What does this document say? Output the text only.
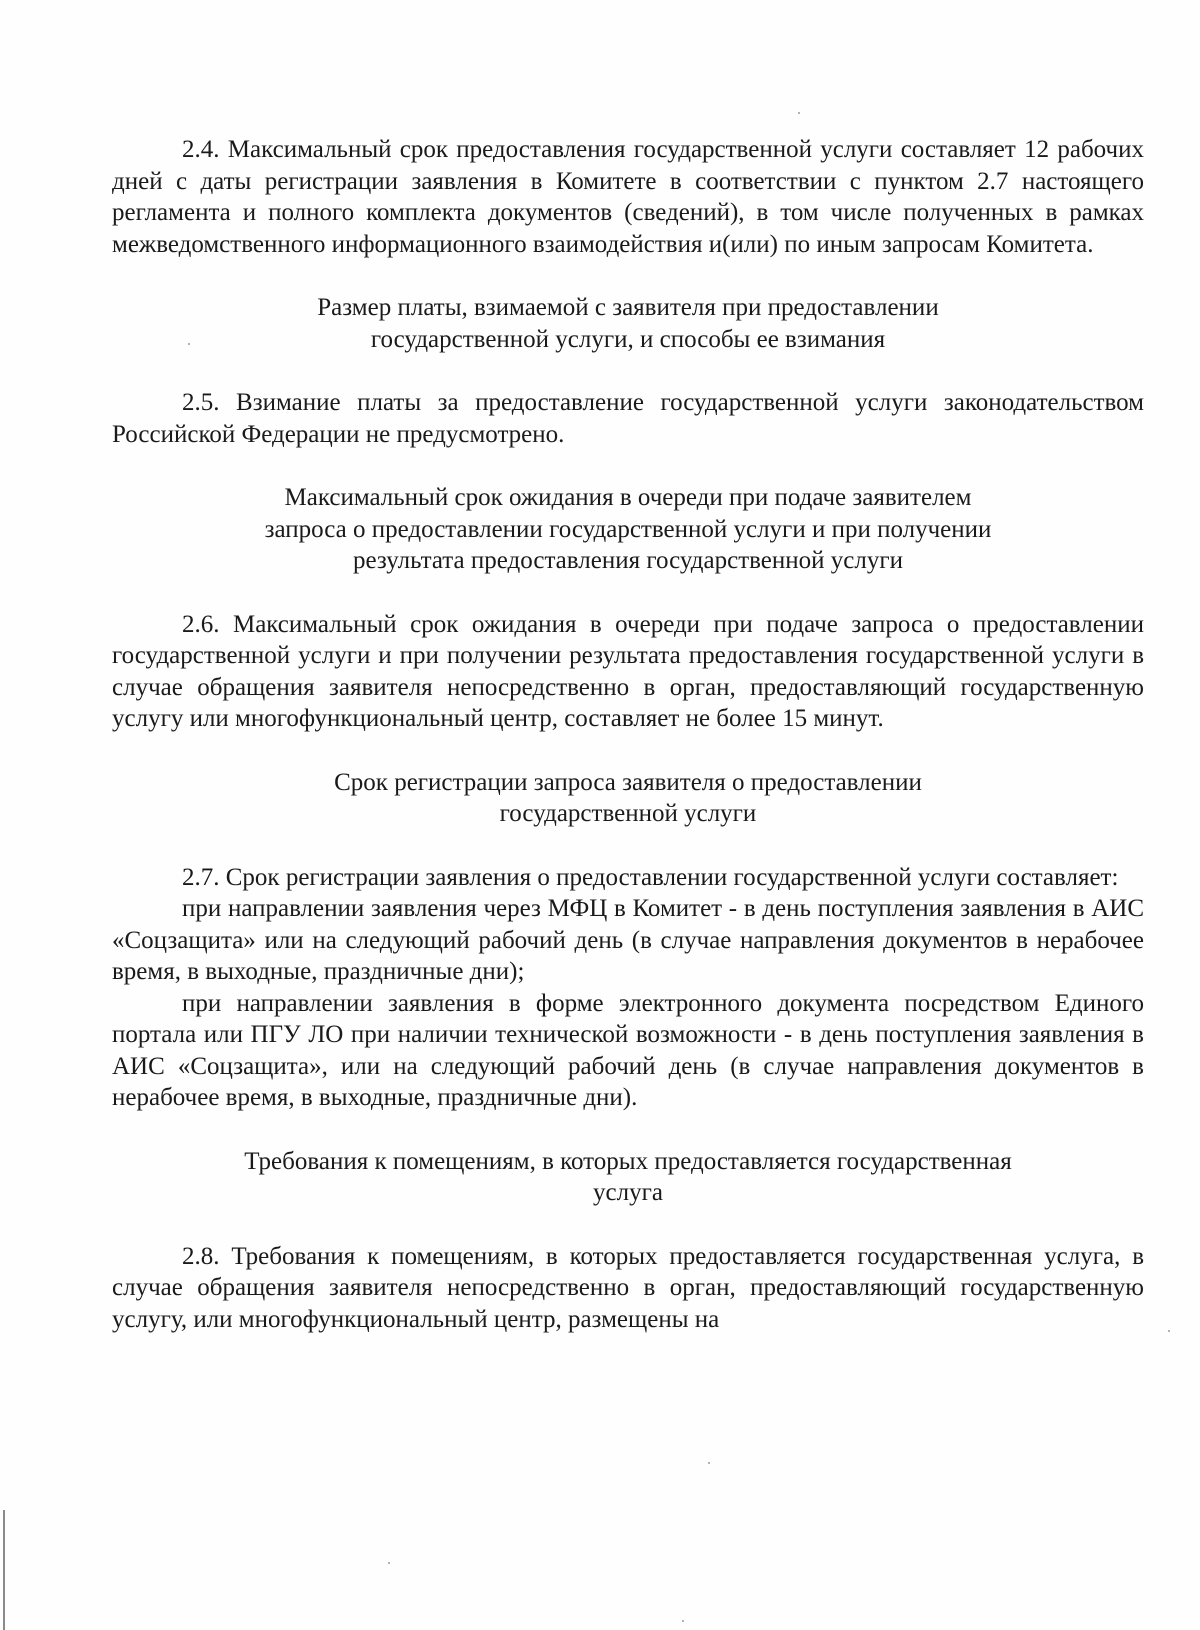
2.4. Максимальный срок предоставления государственной услуги составляет 12 рабочих дней с даты регистрации заявления в Комитете в соответствии с пунктом 2.7 настоящего регламента и полного комплекта документов (сведений), в том числе полученных в рамках межведомственного информационного взаимодействия и(или) по иным запросам Комитета.

Размер платы, взимаемой с заявителя при предоставлении государственной услуги, и способы ее взимания

2.5. Взимание платы за предоставление государственной услуги законодательством Российской Федерации не предусмотрено.

Максимальный срок ожидания в очереди при подаче заявителем запроса о предоставлении государственной услуги и при получении результата предоставления государственной услуги

2.6. Максимальный срок ожидания в очереди при подаче запроса о предоставлении государственной услуги и при получении результата предоставления государственной услуги в случае обращения заявителя непосредственно в орган, предоставляющий государственную услугу или многофункциональный центр, составляет не более 15 минут.

Срок регистрации запроса заявителя о предоставлении государственной услуги

2.7. Срок регистрации заявления о предоставлении государственной услуги составляет:

при направлении заявления через МФЦ в Комитет - в день поступления заявления в АИС «Соцзащита» или на следующий рабочий день (в случае направления документов в нерабочее время, в выходные, праздничные дни);

при направлении заявления в форме электронного документа посредством Единого портала или ПГУ ЛО при наличии технической возможности - в день поступления заявления в АИС «Соцзащита», или на следующий рабочий день (в случае направления документов в нерабочее время, в выходные, праздничные дни).

Требования к помещениям, в которых предоставляется государственная услуга

2.8. Требования к помещениям, в которых предоставляется государственная услуга, в случае обращения заявителя непосредственно в орган, предоставляющий государственную услугу, или многофункциональный центр, размещены на
